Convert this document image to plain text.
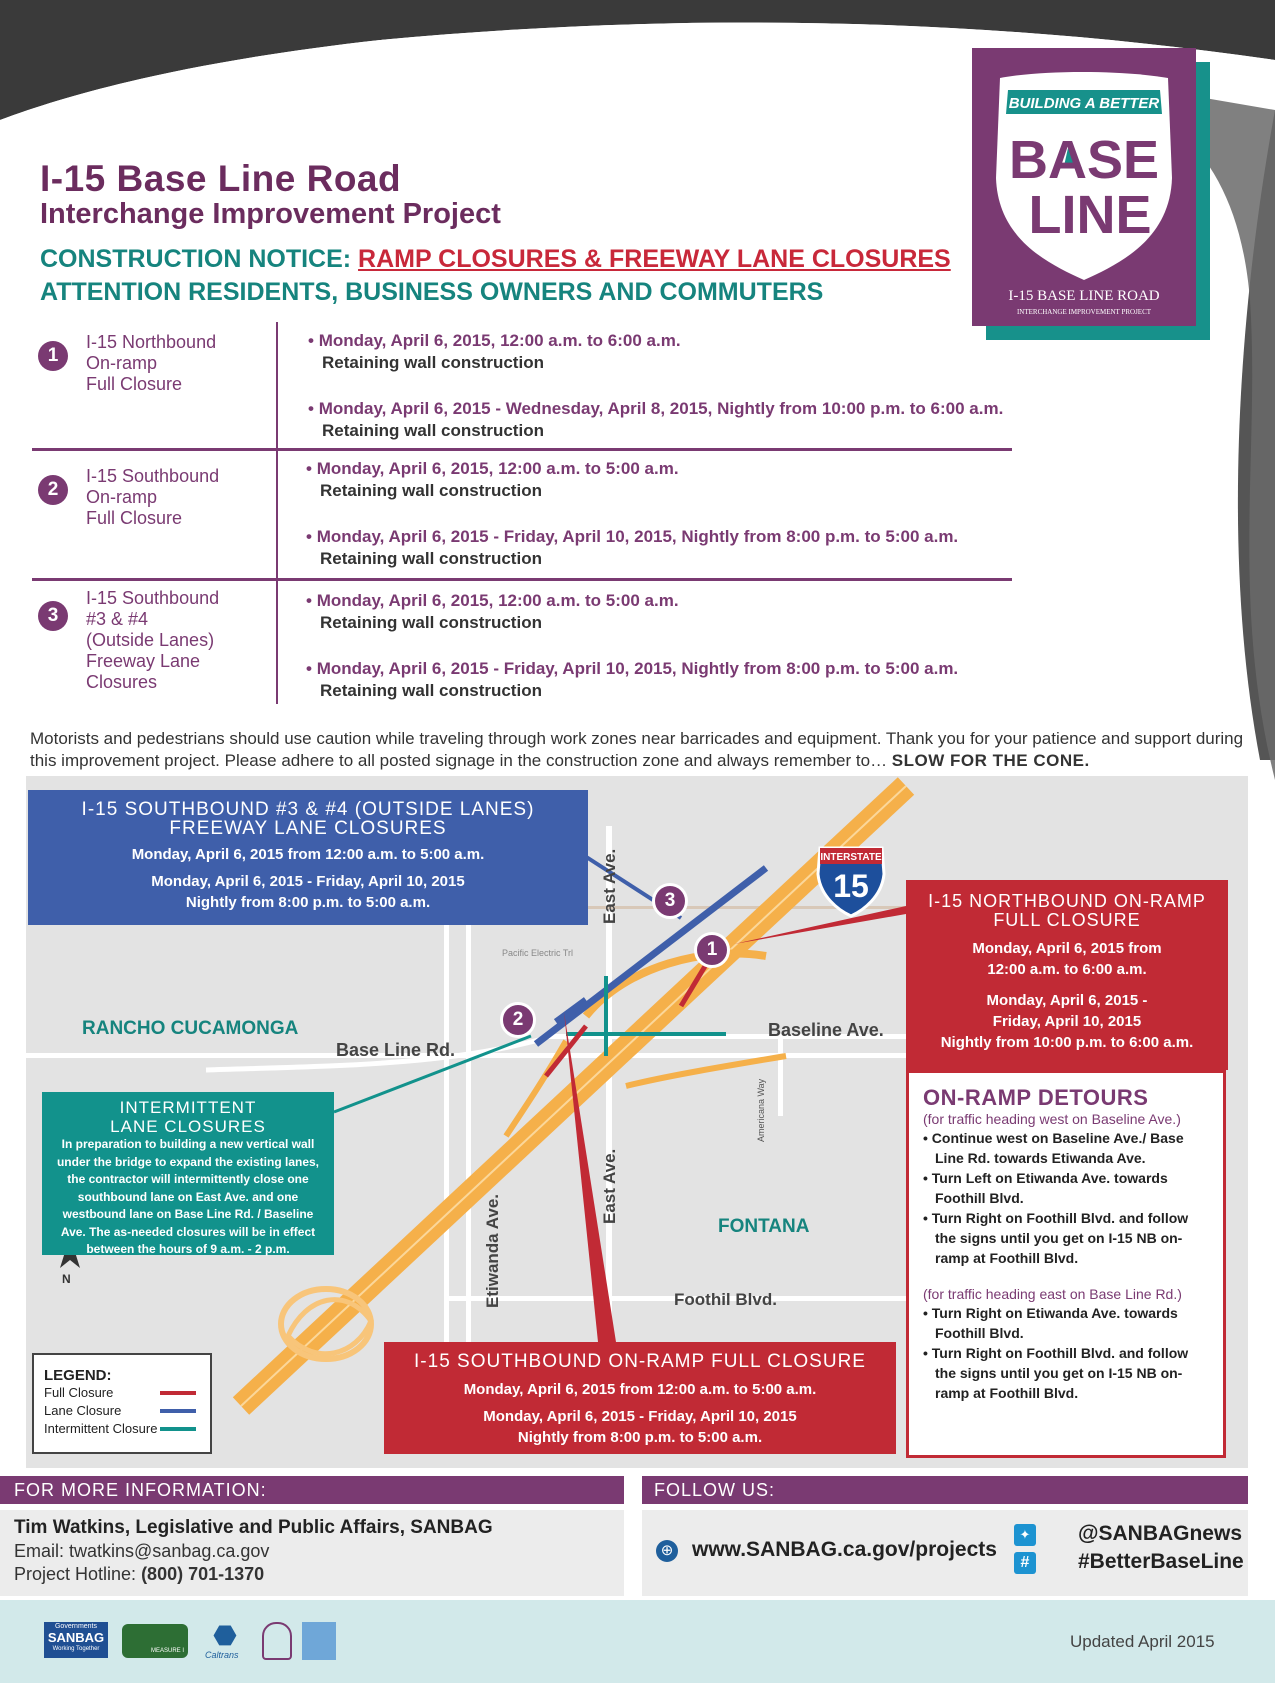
BUILDING A BETTER
BASE
LINE
I-15 BASE LINE ROAD
INTERCHANGE IMPROVEMENT PROJECT
I-15 Base Line Road
Interchange Improvement Project
CONSTRUCTION NOTICE: RAMP CLOSURES & FREEWAY LANE CLOSURES
ATTENTION RESIDENTS, BUSINESS OWNERS AND COMMUTERS
1
I-15 Northbound
On-ramp
Full Closure
• Monday, April 6, 2015, 12:00 a.m. to 6:00 a.m.
Retaining wall construction
• Monday, April 6, 2015 - Wednesday, April 8, 2015, Nightly from 10:00 p.m. to 6:00 a.m.
Retaining wall construction
2
I-15 Southbound
On-ramp
Full Closure
• Monday, April 6, 2015, 12:00 a.m. to 5:00 a.m.
Retaining wall construction
• Monday, April 6, 2015 - Friday, April 10, 2015, Nightly from 8:00 p.m. to 5:00 a.m.
Retaining wall construction
3
I-15 Southbound
#3 & #4
(Outside Lanes)
Freeway Lane
Closures
• Monday, April 6, 2015, 12:00 a.m. to 5:00 a.m.
Retaining wall construction
• Monday, April 6, 2015 - Friday, April 10, 2015, Nightly from 8:00 p.m. to 5:00 a.m.
Retaining wall construction
Motorists and pedestrians should use caution while traveling through work zones near barricades and equipment. Thank you for your patience and support during this improvement project. Please adhere to all posted signage in the construction zone and always remember to… SLOW FOR THE CONE.
3
1
2
INTERSTATE
15
RANCHO CUCAMONGA
FONTANA
Base Line Rd.
Baseline Ave.
East Ave.
East Ave.
Etiwanda Ave.	Foothil Blvd.
Americana Way
Pacific Electric Trl
N
I-15 SOUTHBOUND #3 & #4 (OUTSIDE LANES)
FREEWAY LANE CLOSURES
Monday, April 6, 2015 from 12:00 a.m. to 5:00 a.m.
Monday, April 6, 2015 - Friday, April 10, 2015
Nightly from 8:00 p.m. to 5:00 a.m.	I-15 NORTHBOUND ON-RAMP
FULL CLOSURE
Monday, April 6, 2015 from
12:00 a.m. to 6:00 a.m.
Monday, April 6, 2015 -
Friday, April 10, 2015
Nightly from 10:00 p.m. to 6:00 a.m.
I-15 SOUTHBOUND ON-RAMP FULL CLOSURE
Monday, April 6, 2015 from 12:00 a.m. to 5:00 a.m.
Monday, April 6, 2015 - Friday, April 10, 2015
Nightly from 8:00 p.m. to 5:00 a.m.
INTERMITTENT
LANE CLOSURES
In preparation to building a new vertical wall under the bridge to expand the existing lanes, the contractor will intermittently close one southbound lane on East Ave. and one westbound lane on Base Line Rd. / Baseline Ave. The as-needed closures will be in effect between the hours of 9 a.m. - 2 p.m.
ON-RAMP DETOURS
(for traffic heading west on Baseline Ave.)
• Continue west on Baseline Ave./ Base Line Rd. towards Etiwanda Ave.
• Turn Left on Etiwanda Ave. towards Foothill Blvd.
• Turn Right on Foothill Blvd. and follow the signs until you get on I-15 NB on-ramp at Foothill Blvd.
(for traffic heading east on Base Line Rd.)
• Turn Right on Etiwanda Ave. towards Foothill Blvd.
• Turn Right on Foothill Blvd. and follow the signs until you get on I-15 NB on-ramp at Foothill Blvd.
LEGEND:
Full Closure
Lane Closure
Intermittent Closure
FOR MORE INFORMATION:	FOLLOW US:
Tim Watkins, Legislative and Public Affairs, SANBAG
Email: twatkins@sanbag.ca.gov
Project Hotline: (800) 701-1370
⊕ www.SANBAG.ca.gov/projects
✦
#
@SANBAGnews
#BetterBaseLine
Governments
SANBAG
Working Together	MEASURE I
⬣
Caltrans
Updated April 2015
